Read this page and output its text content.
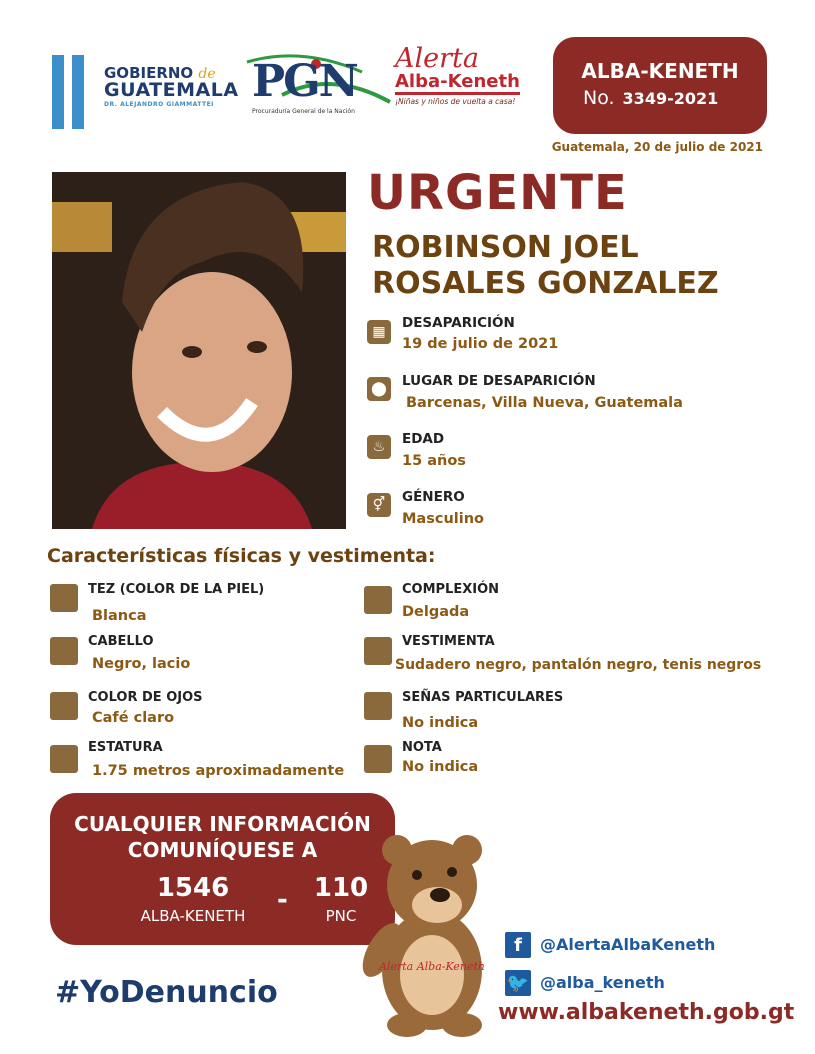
GOBIERNO de
GUATEMALA
DR. ALEJANDRO GIAMMATTEI PGN
Procuraduría General de la Nación
Alerta
Alba-Keneth
¡Niñas y niños de vuelta a casa!
ALBA-KENETH
No. 3349-2021
Guatemala, 20 de julio de 2021
URGENTE
ROBINSON JOEL
ROSALES GONZALEZ
▦
DESAPARICIÓN
19 de julio de 2021
⬤	LUGAR DE DESAPARICIÓN
Barcenas, Villa Nueva, Guatemala
♨	EDAD
15 años
⚥	GÉNERO
Masculino
Características físicas y vestimenta:
TEZ (COLOR DE LA PIEL)
Blanca
CABELLO
Negro, lacio
COLOR DE OJOS
Café claro
ESTATURA
1.75 metros aproximadamente
COMPLEXIÓN
Delgada
VESTIMENTA
Sudadero negro, pantalón negro, tenis negros
SEÑAS PARTICULARES
No indica
NOTA
No indica
CUALQUIER INFORMACIÓN
COMUNÍQUESE A
1546
ALBA-KENETH
-	110
PNC
Alerta Alba-Keneth
#YoDenuncio
f	@AlertaAlbaKeneth
🐦 @alba_keneth
www.albakeneth.gob.gt
